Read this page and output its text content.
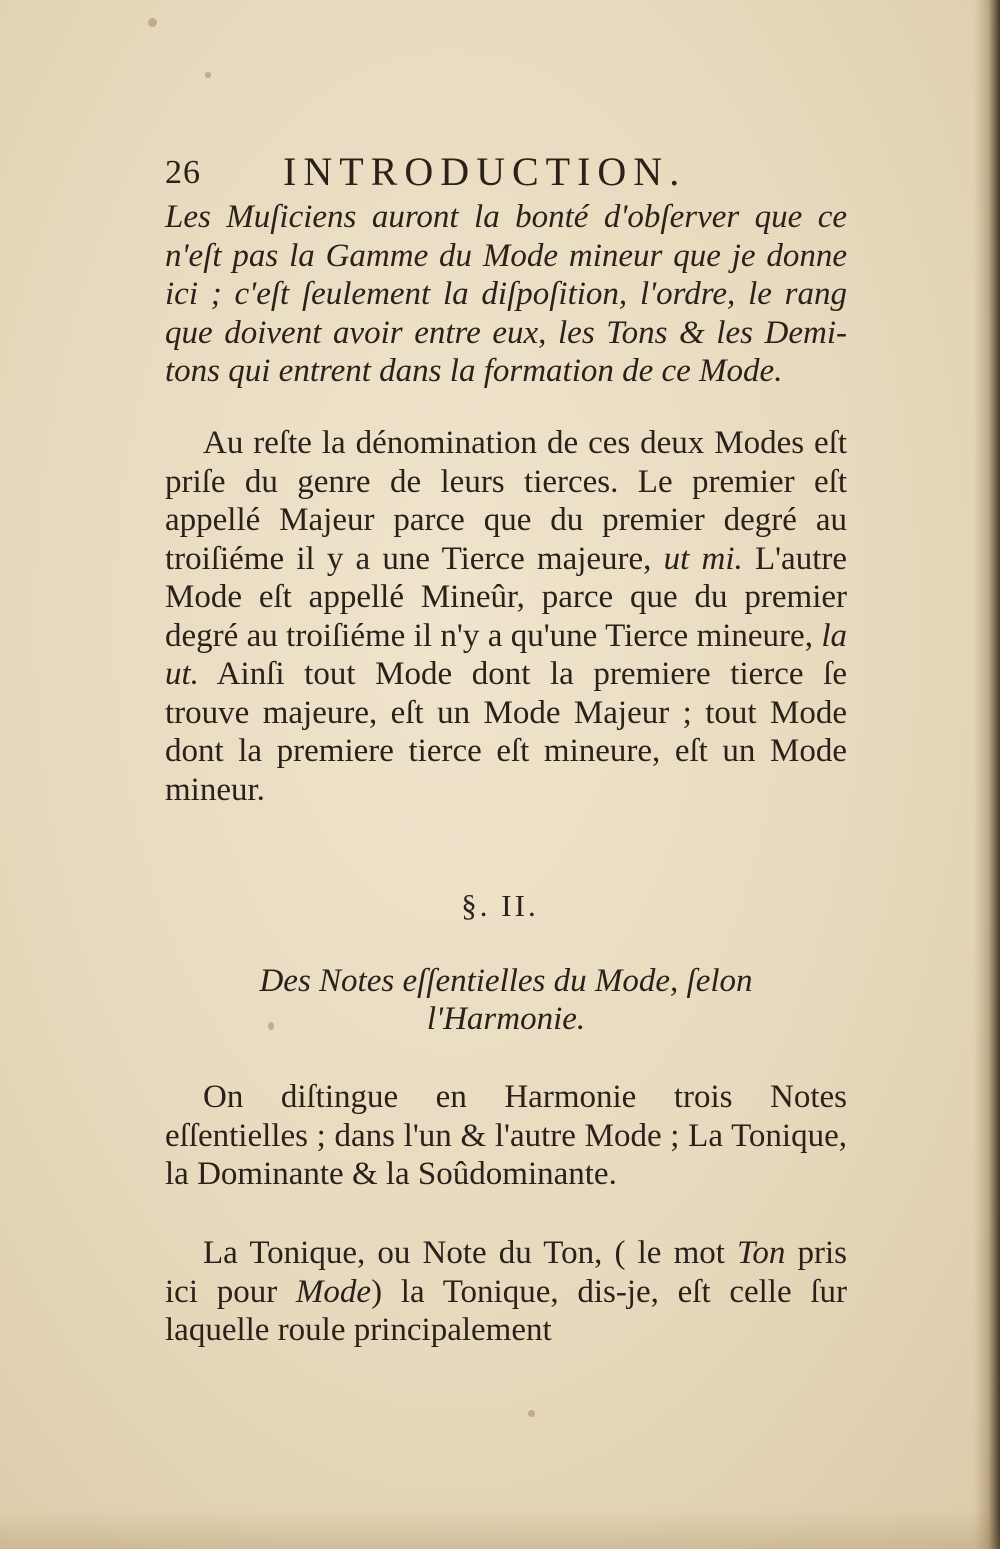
26 INTRODUCTION.

Les Muſiciens auront la bonté d'obſerver que ce n'eſt pas la Gamme du Mode mineur que je donne ici ; c'eſt ſeulement la diſpoſition, l'ordre, le rang que doivent avoir entre eux, les Tons & les Demi-tons qui entrent dans la formation de ce Mode.

Au reſte la dénomination de ces deux Modes eſt priſe du genre de leurs tierces. Le premier eſt appellé Majeur parce que du premier degré au troiſiéme il y a une Tierce majeure, ut mi. L'autre Mode eſt appellé Mineûr, parce que du premier degré au troiſiéme il n'y a qu'une Tierce mineure, la ut. Ainſi tout Mode dont la premiere tierce ſe trouve majeure, eſt un Mode Majeur ; tout Mode dont la premiere tierce eſt mineure, eſt un Mode mineur.

§. II.
Des Notes eſſentielles du Mode, ſelon
l'Harmonie.

On diſtingue en Harmonie trois Notes eſſentielles ; dans l'un & l'autre Mode ; La Tonique, la Dominante & la Soûdominante.

La Tonique, ou Note du Ton, ( le mot Ton pris ici pour Mode) la Tonique, dis-je, eſt celle ſur laquelle roule principalement
